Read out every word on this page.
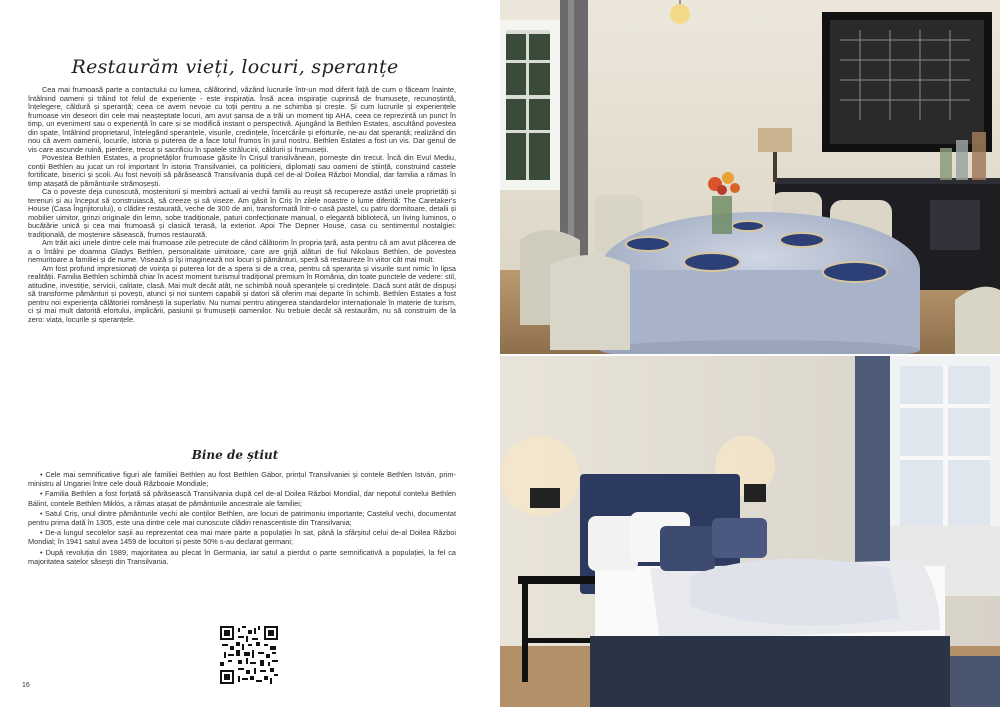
Restaurăm vieți, locuri, speranțe

Cea mai frumoasă parte a contactului cu lumea, călătorind, văzând lucrurile într-un mod diferit față de cum o făceam înainte, întâlnind oameni și trăind tot felul de experiențe - este inspirația. Însă acea inspirație cuprinsă de frumusețe, recunoștință, înțelegere, căldură și speranță; ceea ce avem nevoie cu toții pentru a ne schimba și crește. Și cum lucrurile și experiențele frumoase vin deseori din cele mai neașteptate locuri, am avut șansa de a trăi un moment tip AHA, ceea ce reprezintă un punct în timp, un eveniment sau o experiență în care și se modifică instant o perspectivă. Ajungând la Bethlen Estates, ascultând povestea din spate, întâlnind proprietarul, înțelegând speranțele, visurile, credințele, încercările și eforturile, ne-au dat speranță; realizând din nou că avem oamenii, locurile, istoria și puterea de a face totul frumos în jurul nostru. Bethlen Estates a fost un vis. Dar genul de vis care ascunde ruină, pierdere, trecut și sacrificiu în spatele strălucirii, căldurii și frumuseții.

Povestea Bethlen Estates, a proprietăților frumoase găsite în Crișul transilvănean, pornește din trecut. Încă din Evul Mediu, conții Bethlen au jucat un rol important în istoria Transilvaniei, ca politicieni, diplomați sau oameni de știință, construind castele fortificate, biserici și școli. Au fost nevoiți să părăsească Transilvania după cel de-al Doilea Război Mondial, dar familia a rămas în timp atașată de pământurile strămoșești.

Ca o poveste deja cunoscută, moștenitorii și membrii actuali ai vechii familii au reușit să recupereze astăzi unele proprietăți și terenuri și au început să construiască, să creeze și să viseze. Am găsit în Criș în zilele noastre o lume diferită: The Caretaker's House (Casa Îngrijitorului), o clădire restaurată, veche de 300 de ani, transformată într-o casă pastel, cu patru dormitoare, detalii și mobilier uimitor, grinzi originale din lemn, sobe tradiționale, paturi confecționate manual, o elegantă bibliotecă, un living luminos, o bucătărie unică și cea mai frumoasă și clasică terasă, la exterior. Apoi The Depner House, casa cu sentimentul nostalgiei: tradițională, de moștenire săsească, frumos restaurată.

Am trăit aici unele dintre cele mai frumoase zile petrecute de când călătorim în propria țară, asta pentru că am avut plăcerea de a o întâlni pe doamna Gladys Bethlen, personalitate uimitoare, care are grijă alături de fiul Nikolaus Bethlen, de povestea nemuritoare a familiei și de nume. Visează și își imaginează noi locuri și pământuri, speră să restaureze în viitor cât mai mult.

Am fost profund impresionați de voința și puterea lor de a spera și de a crea, pentru că speranța și visurile sunt nimic în lipsa realității. Familia Bethlen schimbă chiar în acest moment turismul tradițional premium în România, din toate punctele de vedere: stil, atitudine, investiție, servicii, calitate, clasă. Mai mult decât atât, ne schimbă nouă speranțele și credințele. Dacă sunt atât de dispuși să transforme pământuri și povești, atunci și noi suntem capabili și datori să oferim mai departe în schimb. Bethlen Estates a fost pentru noi experiența călătoriei românești la superlativ. Nu numai pentru atingerea standardelor internaționale în materie de turism, ci și mai mult datorită efortului, implicării, pasiunii și frumuseții oamenilor. Nu trebuie decât să restaurăm, nu să construim de la zero: viața, locurile și speranțele.

Bine de știut

• Cele mai semnificative figuri ale familiei Bethlen au fost Bethlen Gábor, prințul Transilvaniei și contele Bethlen István, prim-ministru al Ungariei între cele două Războaie Mondiale;

• Familia Bethlen a fost forțată să părăsească Transilvania după cel de-al Doilea Război Mondial, dar nepotul contelui Bethlen Bálint, contele Bethlen Miklós, a rămas atașat de pământurile ancestrale ale familiei;

• Satul Criș, unul dintre pământurile vechi ale conților Bethlen, are locuri de patrimoniu importante; Castelul vechi, documentat pentru prima dată în 1305, este una dintre cele mai cunoscute clădiri renascentiste din Transilvania;

• De-a lungul secolelor sașii au reprezentat cea mai mare parte a populației în sat, până la sfârșitul celui de-al Doilea Război Mondial; în 1941 satul avea 1459 de locuitori și peste 50% s-au declarat germani;

• După revoluția din 1989, majoritatea au plecat în Germania, iar satul a pierdut o parte semnificativă a populației, la fel ca majoritatea satelor săsești din Transilvania.

16
